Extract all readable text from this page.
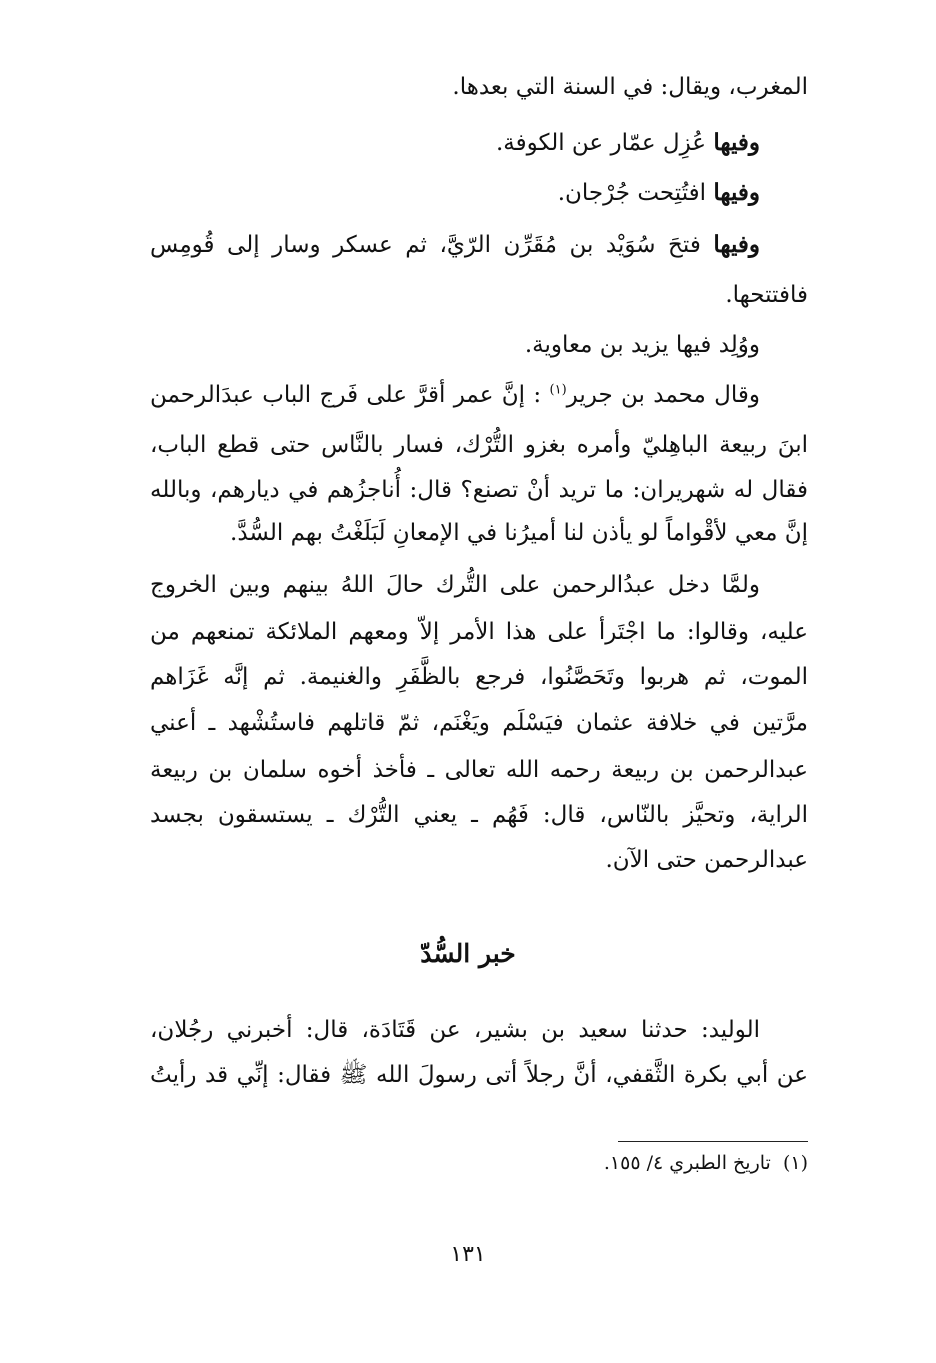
المغرب، ويقال: في السنة التي بعدها.
وفيها عُزِل عمّار عن الكوفة.
وفيها افتُتِحت جُرْجان.
وفيها فتحَ سُوَيْد بن مُقَرِّن الرّيَّ، ثم عسكر وسار إلى قُومِس
فافتتحها.
ووُلِد فيها يزيد بن معاوية.
وقال محمد بن جرير$^{(١)}$ : إنَّ عمر أقرَّ على فَرج الباب عبدَالرحمن
ابنَ ربيعة الباهِليّ وأمره بغزو التُّرْك، فسار بالنَّاس حتى قطع الباب،
فقال له شهريران: ما تريد أنْ تصنع؟ قال: أُناجزُهم في ديارهم، وبالله
إنَّ معي لأقْواماً لو يأذن لنا أميرُنا في الإمعانِ لَبَلَغْتُ بهم السُّدَّ.
ولمَّا دخل عبدُالرحمن على التُّرك حالَ اللهُ بينهم وبين الخروج
عليه، وقالوا: ما اجْتَرأ على هذا الأمر إلاّ ومعهم الملائكة تمنعهم من
الموت، ثم هربوا وتَحَصَّنُوا، فرجع بالظَّفَرِ والغنيمة. ثم إنَّه غَزَاهم
مرَّتين في خلافة عثمان فيَسْلَم ويَغْنَم، ثمّ قاتلهم فاستُشْهد ـ أعني
عبدالرحمن بن ربيعة رحمه الله تعالى ـ فأخذ أخوه سلمان بن ربيعة
الراية، وتحيَّز بالنّاس، قال: فَهُم ـ يعني التُّرْك ـ يستسقون بجسد
عبدالرحمن حتى الآن.
خبر السُّدّ
الوليد: حدثنا سعيد بن بشير، عن قَتَادَة، قال: أخبرني رجُلان،
عن أبي بكرة الثَّقفي، أنَّ رجلاً أتى رسولَ الله ﷺ فقال: إنِّي قد رأيتُ
(١)  تاريخ الطبري ٤/ ١٥٥.
١٣١
